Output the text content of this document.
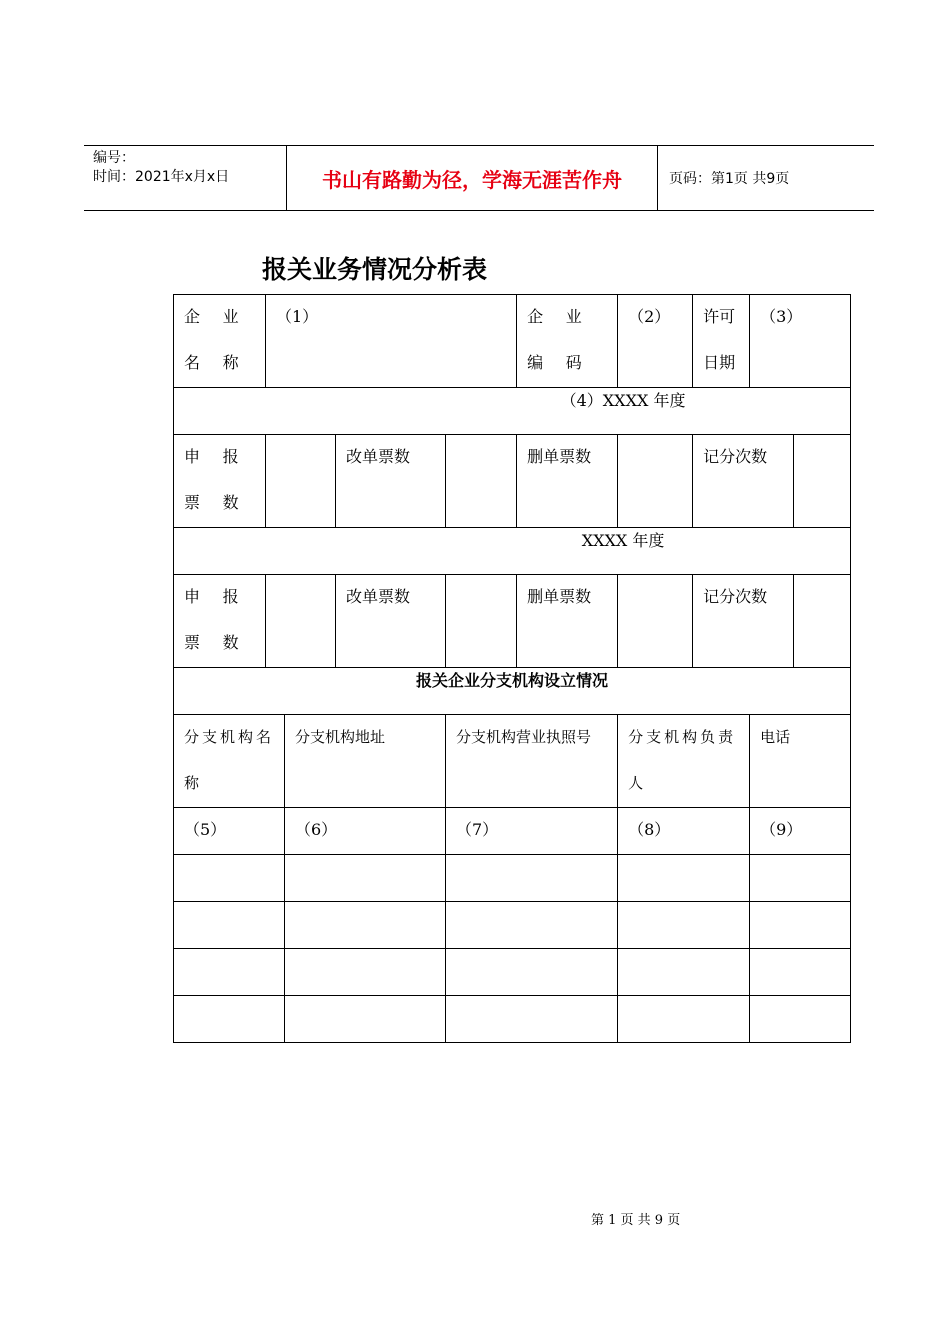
编号：
时间：2021年x月x日	书山有路勤为径，学海无涯苦作舟	页码：第1页 共9页
报关业务情况分析表
企 业 名 称	（1）				企 业 编 码	（2）	许可日期	（3）	

（4）XXXX 年度									

申 报 票 数			改单票数		删单票数		记分次数		

XXXX 年度									

申 报 票 数			改单票数		删单票数		记分次数		

报关企业分支机构设立情况									

分支机构名称		分支机构地址		分支机构营业执照号		分支机构负责人		电话	

（5）		（6）		（7）		（8）		（9）	

第 1 页 共 9 页
